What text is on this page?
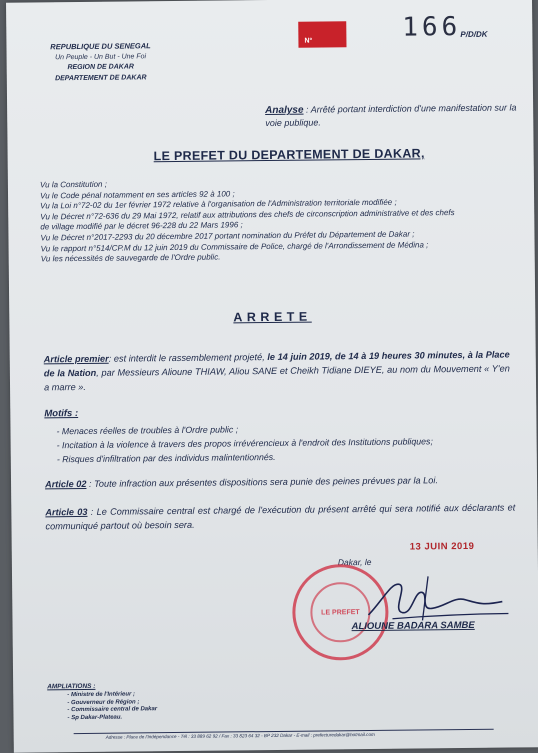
REPUBLIQUE DU SENEGAL
Un Peuple - Un But - Une Foi
REGION DE DAKAR
DEPARTEMENT DE DAKAR
N°	166
P/D/DK
Analyse : Arrêté portant interdiction d'une manifestation sur la voie publique.
LE PREFET DU DEPARTEMENT DE DAKAR,
Vu la Constitution ;
Vu le Code pénal notamment en ses articles 92 à 100 ;
Vu la Loi n°72-02 du 1er février 1972 relative à l'organisation de l'Administration territoriale modifiée ;
Vu le Décret n°72-636 du 29 Mai 1972, relatif aux attributions des chefs de circonscription administrative et des chefs
de village modifié par le décret 96-228 du 22 Mars 1996 ;
Vu le Décret n°2017-2293 du 20 décembre 2017 portant nomination du Préfet du Département de Dakar ;
Vu le rapport n°514/CP.M du 12 juin 2019 du Commissaire de Police, chargé de l'Arrondissement de Médina ;
Vu les nécessités de sauvegarde de l'Ordre public.
ARRETE
Article premier: est interdit le rassemblement projeté, le 14 juin 2019, de 14 à 19 heures 30 minutes, à la Place de la Nation, par Messieurs Alioune THIAW, Aliou SANE et Cheikh Tidiane DIEYE, au nom du Mouvement « Y'en a marre ».
Motifs :
- Menaces réelles de troubles à l'Ordre public ;
- Incitation à la violence à travers des propos irrévérencieux à l'endroit des Institutions publiques;
- Risques d'infiltration par des individus malintentionnés.
Article 02 : Toute infraction aux présentes dispositions sera punie des peines prévues par la Loi.
Article 03 : Le Commissaire central est chargé de l'exécution du présent arrêté qui sera notifié aux déclarants et communiqué partout où besoin sera.
Dakar, le
13 JUIN 2019
LE PREFET
ALIOUNE BADARA SAMBE
AMPLIATIONS :
- Ministre de l'Intérieur ;
- Gouverneur de Région ;
- Commissaire central de Dakar
- Sp Dakar-Plateau.
Adresse : Place de l'Indépendance - Tél : 33 889 62 92 / Fax : 33 823 64 32 - BP 232 Dakar - E-mail : prefecturedakar@hotmail.com
